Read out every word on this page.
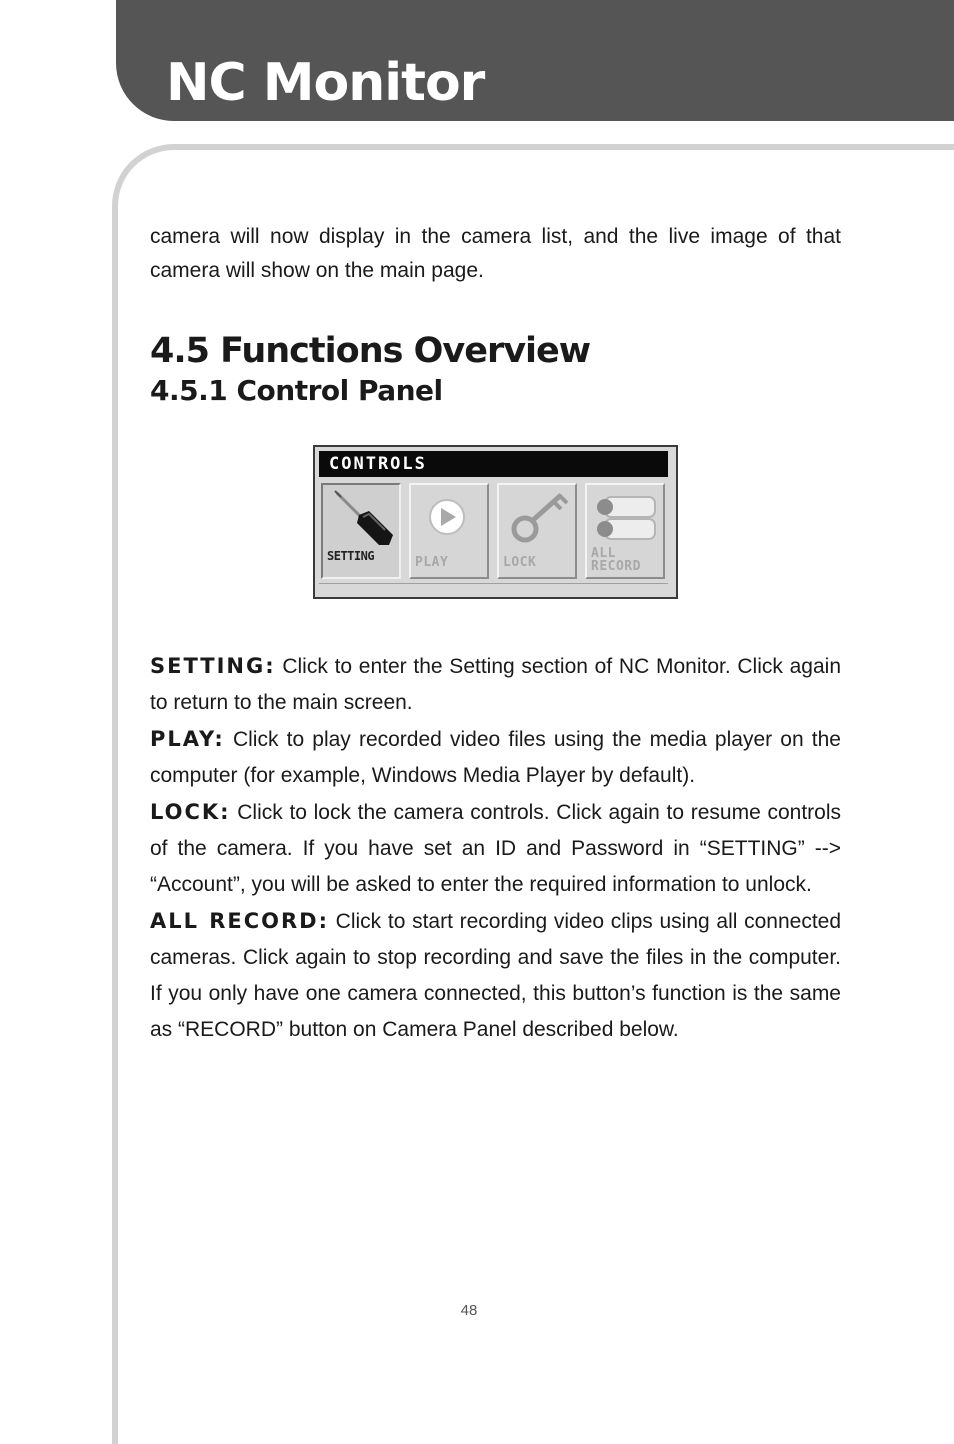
NC Monitor

camera will now display in the camera list, and the live image of that camera will show on the main page.

4.5 Functions Overview
4.5.1 Control Panel
CONTROLS
SETTING	PLAY	LOCK
ALL
RECORD

SETTING: Click to enter the Setting section of NC Monitor. Click again to return to the main screen.

PLAY: Click to play recorded video files using the media player on the computer (for example, Windows Media Player by default).

LOCK: Click to lock the camera controls. Click again to resume controls of the camera. If you have set an ID and Password in “SETTING” --> “Account”, you will be asked to enter the required information to unlock.

ALL RECORD: Click to start recording video clips using all connected cameras. Click again to stop recording and save the files in the computer. If you only have one camera connected, this button’s function is the same as “RECORD” button on Camera Panel described below.

48
